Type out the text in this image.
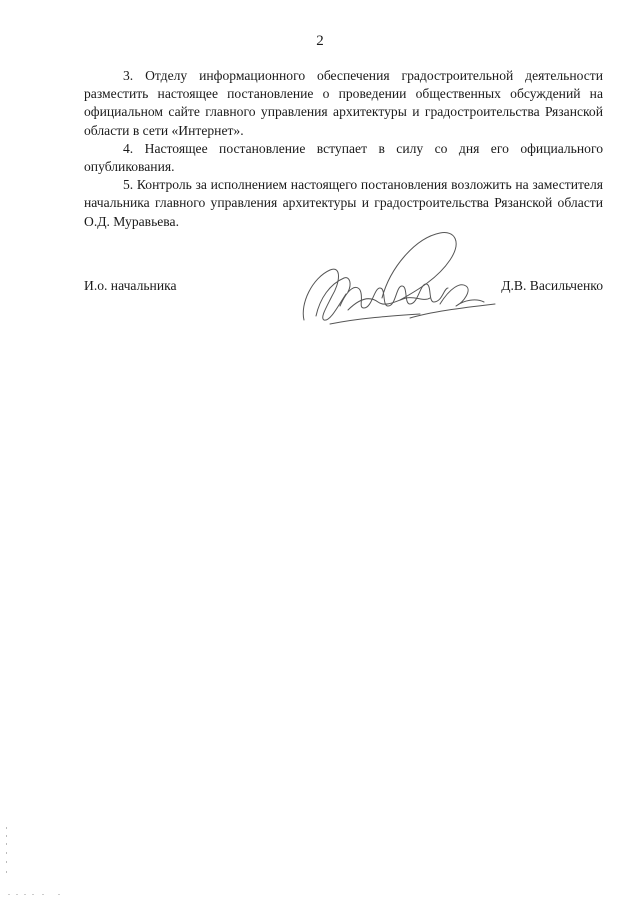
2

3. Отделу информационного обеспечения градостроительной деятельности разместить настоящее постановление о проведении общественных обсуждений на официальном сайте главного управления архитектуры и градостроительства Рязанской области в сети «Интернет».

4. Настоящее постановление вступает в силу со дня его официального опубликования.

5. Контроль за исполнением настоящего постановления возложить на заместителя начальника главного управления архитектуры и градостроительства Рязанской области О.Д. Муравьева.

И.о. начальника	Д.В. Васильченко
